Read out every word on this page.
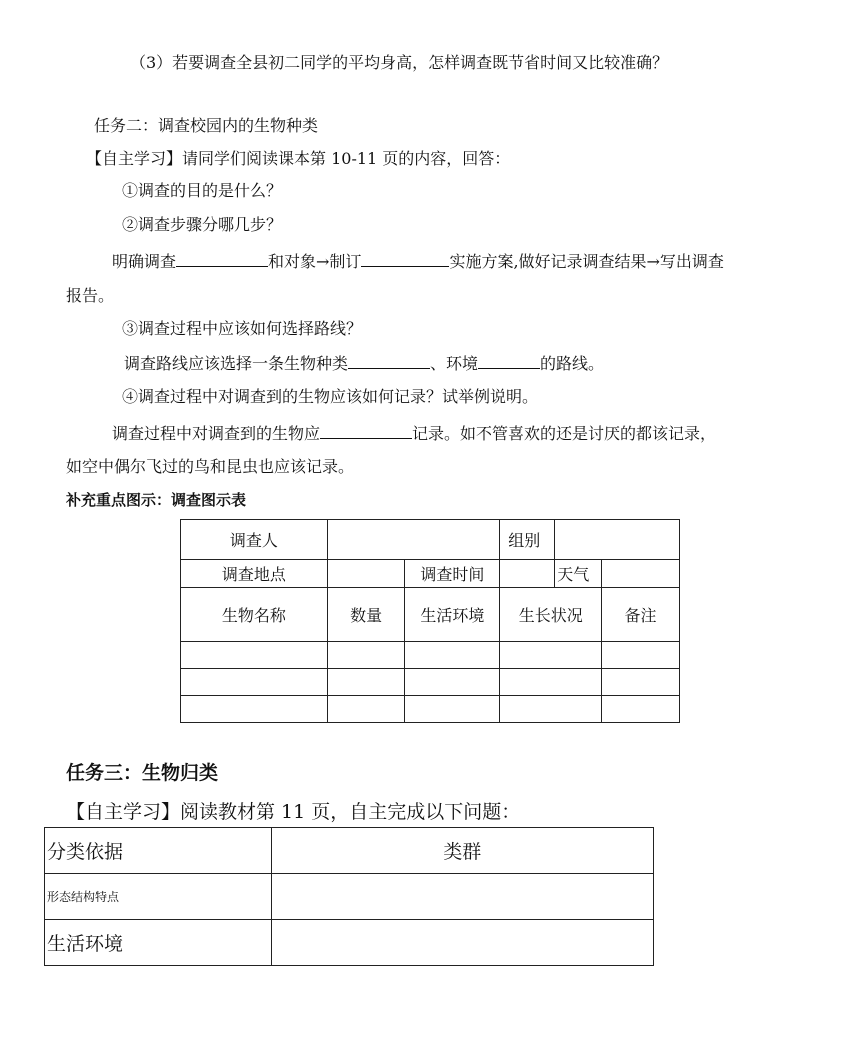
（3）若要调查全县初二同学的平均身高，怎样调查既节省时间又比较准确？
任务二：调查校园内的生物种类
【自主学习】请同学们阅读课本第 10-11 页的内容，回答：
①调查的目的是什么？
②调查步骤分哪几步？
明确调查	和对象→制订	实施方案,做好记录调查结果→写出调查
报告。
③调查过程中应该如何选择路线？
调查路线应该选择一条生物种类	、环境	的路线。
④调查过程中对调查到的生物应该如何记录？试举例说明。
调查过程中对调查到的生物应	记录。如不管喜欢的还是讨厌的都该记录，
如空中偶尔飞过的鸟和昆虫也应该记录。
补充重点图示：调查图示表
调查人			组别		
调查地点		调查时间		天气	
生物名称	数量	生活环境	生长状况		备注

任务三：生物归类
【自主学习】阅读教材第 11 页，自主完成以下问题：
分类依据	类群
形态结构特点	
生活环境	
